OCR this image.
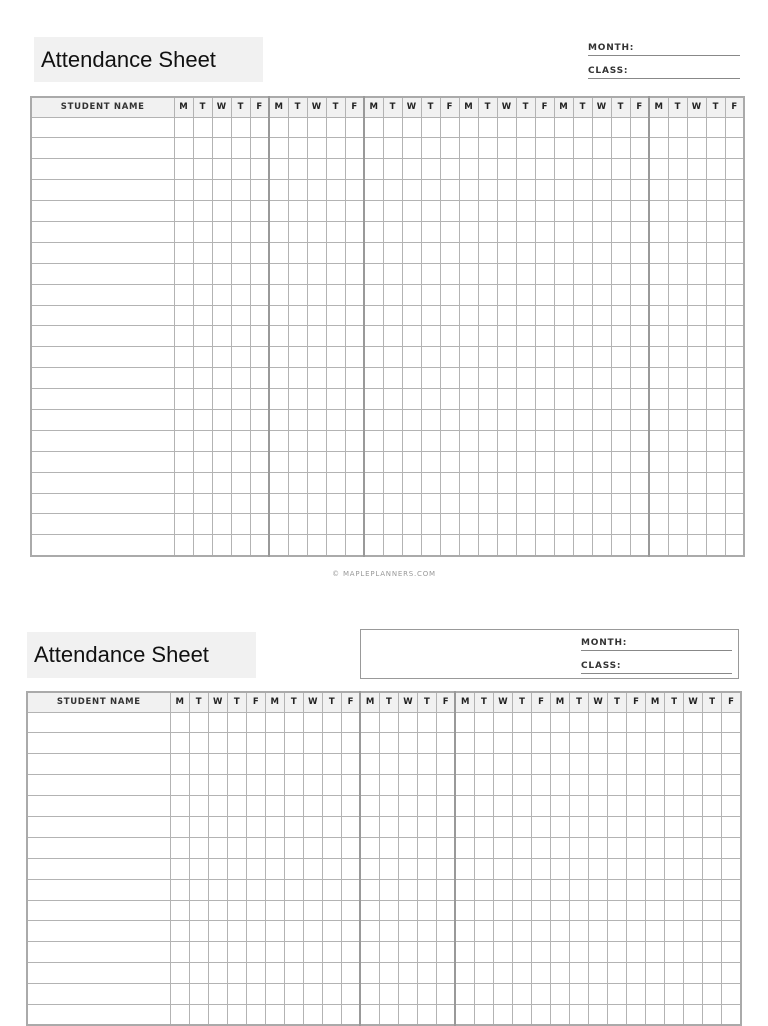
Attendance Sheet	MONTH:
CLASS:
STUDENT NAME	M	T	W	T	F	M	T	W	T	F	M	T	W	T	F	M	T	W	T	F	M	T	W	T	F	M	T	W	T	F

© MAPLEPLANNERS.COM
Attendance Sheet	MONTH:
CLASS:
STUDENT NAME	M	T	W	T	F	M	T	W	T	F	M	T	W	T	F	M	T	W	T	F	M	T	W	T	F	M	T	W	T	F
